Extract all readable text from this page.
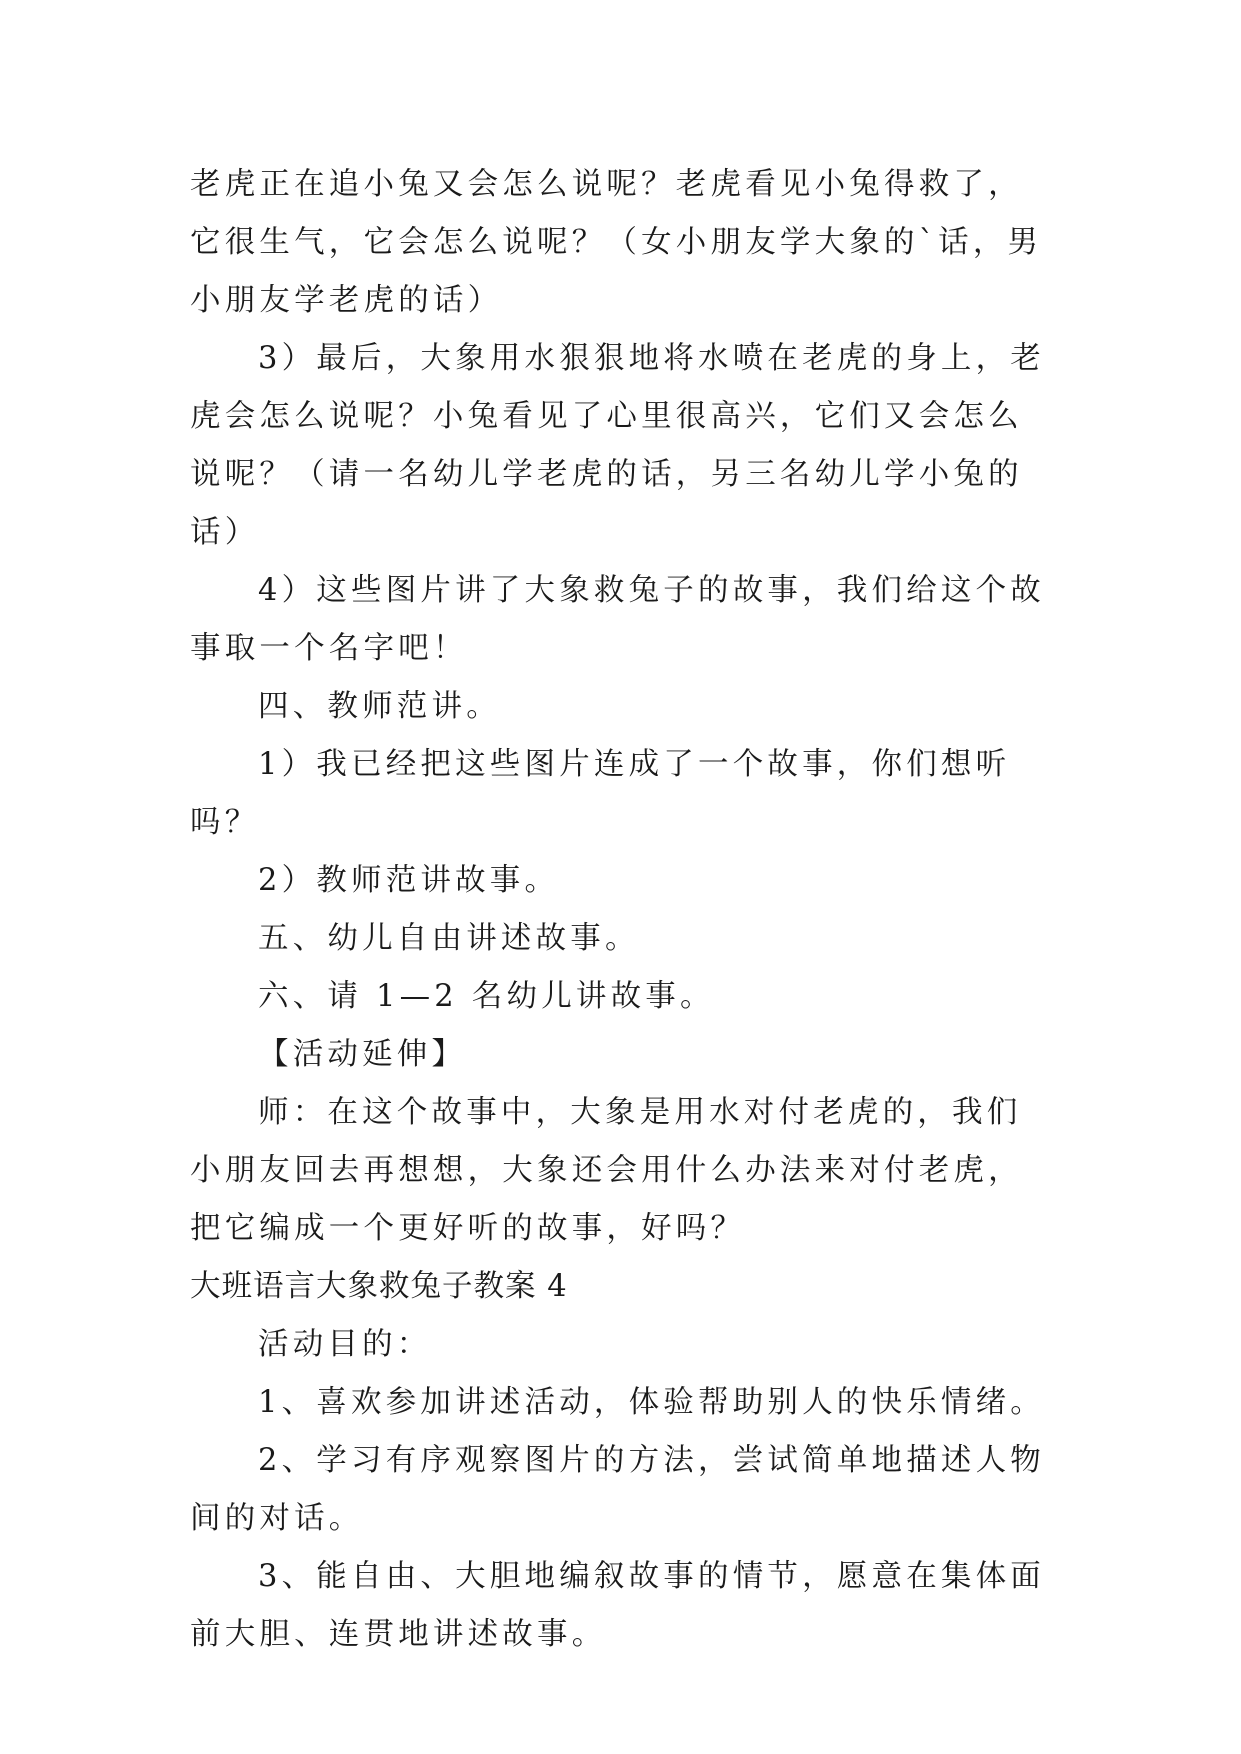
老虎正在追小兔又会怎么说呢？老虎看见小兔得救了，它很生气，它会怎么说呢？（女小朋友学大象的`话，男小朋友学老虎的话）

3）最后，大象用水狠狠地将水喷在老虎的身上，老虎会怎么说呢？小兔看见了心里很高兴，它们又会怎么说呢？（请一名幼儿学老虎的话，另三名幼儿学小兔的话）

4）这些图片讲了大象救兔子的故事，我们给这个故事取一个名字吧！

四、教师范讲。

1）我已经把这些图片连成了一个故事，你们想听吗？

2）教师范讲故事。

五、幼儿自由讲述故事。

六、请 1—2 名幼儿讲故事。

【活动延伸】

师：在这个故事中，大象是用水对付老虎的，我们小朋友回去再想想，大象还会用什么办法来对付老虎，把它编成一个更好听的故事，好吗？

大班语言大象救兔子教案 4

活动目的：

1、喜欢参加讲述活动，体验帮助别人的快乐情绪。

2、学习有序观察图片的方法，尝试简单地描述人物间的对话。

3、能自由、大胆地编叙故事的情节，愿意在集体面前大胆、连贯地讲述故事。
